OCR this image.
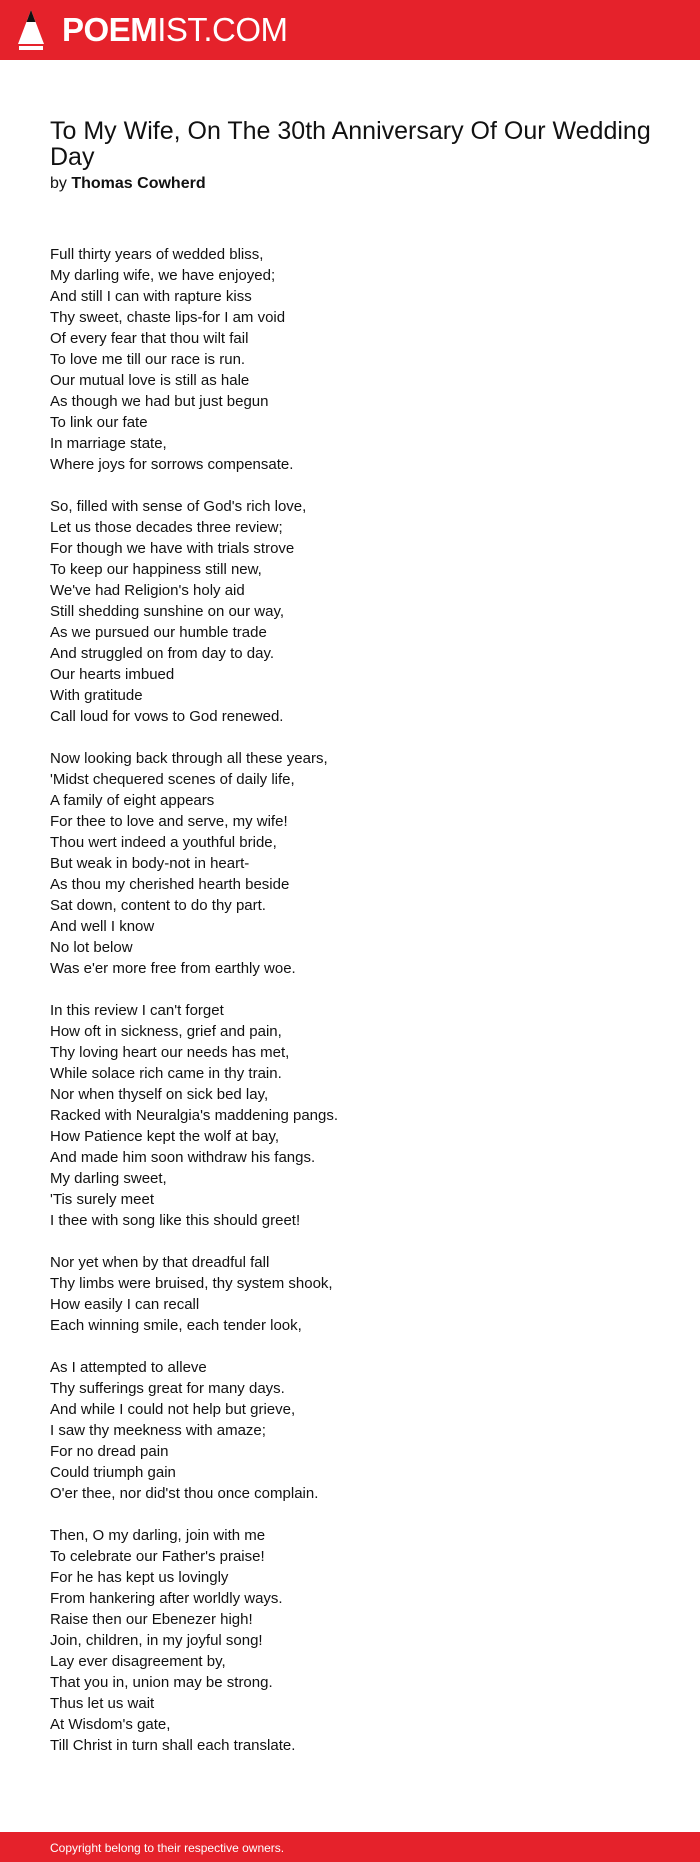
POEMIST.COM
To My Wife, On The 30th Anniversary Of Our Wedding Day
by Thomas Cowherd
Full thirty years of wedded bliss,
My darling wife, we have enjoyed;
And still I can with rapture kiss
Thy sweet, chaste lips-for I am void
Of every fear that thou wilt fail
To love me till our race is run.
Our mutual love is still as hale
As though we had but just begun
To link our fate
In marriage state,
Where joys for sorrows compensate.
So, filled with sense of God's rich love,
Let us those decades three review;
For though we have with trials strove
To keep our happiness still new,
We've had Religion's holy aid
Still shedding sunshine on our way,
As we pursued our humble trade
And struggled on from day to day.
Our hearts imbued
With gratitude
Call loud for vows to God renewed.
Now looking back through all these years,
'Midst chequered scenes of daily life,
A family of eight appears
For thee to love and serve, my wife!
Thou wert indeed a youthful bride,
But weak in body-not in heart-
As thou my cherished hearth beside
Sat down, content to do thy part.
And well I know
No lot below
Was e'er more free from earthly woe.
In this review I can't forget
How oft in sickness, grief and pain,
Thy loving heart our needs has met,
While solace rich came in thy train.
Nor when thyself on sick bed lay,
Racked with Neuralgia's maddening pangs.
How Patience kept the wolf at bay,
And made him soon withdraw his fangs.
My darling sweet,
'Tis surely meet
I thee with song like this should greet!
Nor yet when by that dreadful fall
Thy limbs were bruised, thy system shook,
How easily I can recall
Each winning smile, each tender look,
As I attempted to alleve
Thy sufferings great for many days.
And while I could not help but grieve,
I saw thy meekness with amaze;
For no dread pain
Could triumph gain
O'er thee, nor did'st thou once complain.
Then, O my darling, join with me
To celebrate our Father's praise!
For he has kept us lovingly
From hankering after worldly ways.
Raise then our Ebenezer high!
Join, children, in my joyful song!
Lay ever disagreement by,
That you in, union may be strong.
Thus let us wait
At Wisdom's gate,
Till Christ in turn shall each translate.
Copyright belong to their respective owners.
